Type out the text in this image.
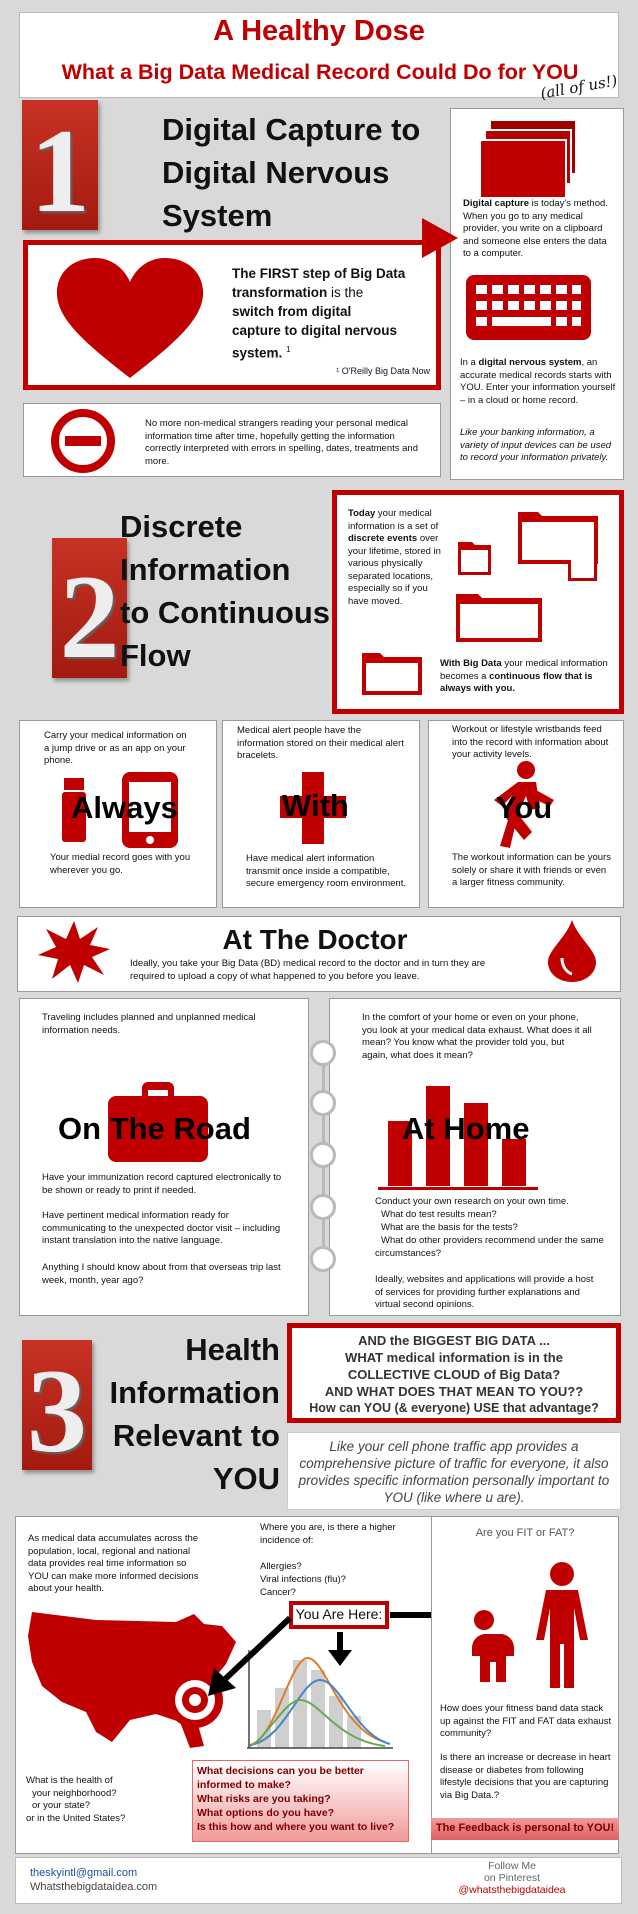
A Healthy Dose
What a Big Data Medical Record Could Do for YOU
(all of us!)
1 Digital Capture to
Digital Nervous
System
The FIRST step of Big Data
transformation is the
switch from digital
capture to digital nervous
system. $^1$
¹ O'Reilly Big Data Now
Digital capture is today's method. When you go to any medical provider, you write on a clipboard and someone else enters the data to a computer.
In a digital nervous system, an accurate medical records starts with YOU. Enter your information yourself – in a cloud or home record.
Like your banking information, a variety of input devices can be used to record your information privately.
No more non-medical strangers reading your personal medical information time after time, hopefully getting the information correctly interpreted with errors in spelling, dates, treatments and more.
2
Discrete
Information
to Continuous
Flow
Today your medical information is a set of discrete events over your lifetime, stored in various physically separated locations, especially so if you have moved.
With Big Data your medical information becomes a continuous flow that is always with you.
Carry your medical information on a jump drive or as an app on your phone.
Always
Your medial record goes with you wherever you go.
Medical alert people have the information stored on their medical alert bracelets.
With
Have medical alert information transmit once inside a compatible, secure emergency room environment.
Workout or lifestyle wristbands feed into the record with information about your activity levels.
You
The workout information can be yours solely or share it with friends or even a larger fitness community.
At The Doctor
Ideally, you take your Big Data (BD) medical record to the doctor and in turn they are required to upload a copy of what happened to you before you leave.
Traveling includes planned and unplanned medical information needs.
On The Road
Have your immunization record captured electronically to be shown or ready to print if needed.
Have pertinent medical information ready for communicating to the unexpected doctor visit – including instant translation into the native language.
Anything I should know about from that overseas trip last week, month, year ago?
In the comfort of your home or even on your phone, you look at your medical data exhaust. What does it all mean? You know what the provider told you, but again, what does it mean?
At Home
Conduct your own research on your own time.
What do test results mean?
What are the basis for the tests?
What do other providers recommend under the same circumstances?
Ideally, websites and applications will provide a host of services for providing further explanations and virtual second opinions.
3	Health
Information
Relevant to
YOU
AND the BIGGEST BIG DATA ...
WHAT medical information is in the
COLLECTIVE CLOUD of Big Data?
AND WHAT DOES THAT MEAN TO YOU??
How can YOU (& everyone) USE that advantage?
Like your cell phone traffic app provides a comprehensive picture of traffic for everyone, it also provides specific information personally important to YOU (like where u are).
As medical data accumulates across the population, local, regional and national data provides real time information so YOU can make more informed decisions about your health.
Where you are, is there a higher incidence of:
Allergies?
Viral infections (flu)?
Cancer?
You Are Here:
What is the health of
your neighborhood?
or your state?
or in the United States?
What decisions can you be better informed to make?
What risks are you taking?
What options do you have?
Is this how and where you want to live?
Are you FIT or FAT?
How does your fitness band data stack up against the FIT and FAT data exhaust community?
Is there an increase or decrease in heart disease or diabetes from following lifestyle decisions that you are capturing via Big Data.?
The Feedback is personal to YOU!
theskyintl@gmail.com
Whatsthebigdataidea.com
Follow Me
on Pinterest
@whatsthebigdataidea
